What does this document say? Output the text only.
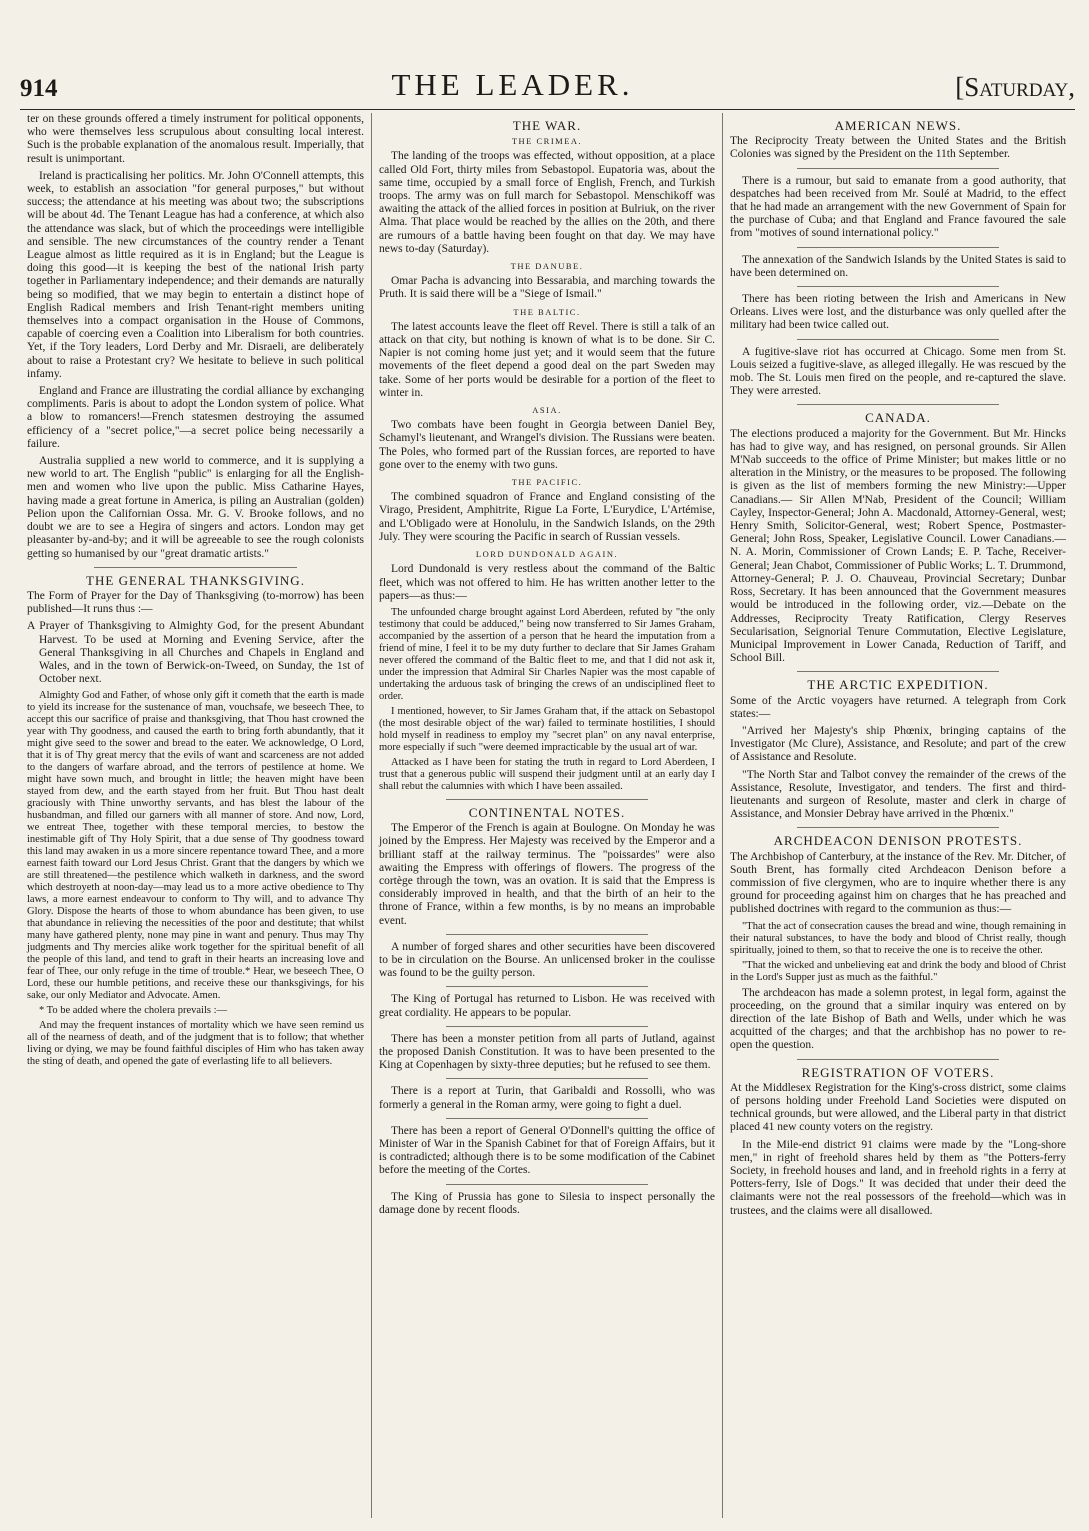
914	THE LEADER.	[Saturday,

ter on these grounds offered a timely instrument for political opponents, who were themselves less scrupulous about consulting local interest. Such is the probable explanation of the anomalous result. Imperially, that result is unimportant.

Ireland is practicalising her politics. Mr. John O'Connell attempts, this week, to establish an association "for general purposes," but without success; the attendance at his meeting was about two; the subscriptions will be about 4d. The Tenant League has had a conference, at which also the attendance was slack, but of which the proceedings were intelligible and sensible. The new circumstances of the country render a Tenant League almost as little required as it is in England; but the League is doing this good—it is keeping the best of the national Irish party together in Parliamentary independence; and their demands are naturally being so modified, that we may begin to entertain a distinct hope of English Radical members and Irish Tenant-right members uniting themselves into a compact organisation in the House of Commons, capable of coercing even a Coalition into Liberalism for both countries. Yet, if the Tory leaders, Lord Derby and Mr. Disraeli, are deliberately about to raise a Protestant cry? We hesitate to believe in such political infamy.

England and France are illustrating the cordial alliance by exchanging compliments. Paris is about to adopt the London system of police. What a blow to romancers!—French statesmen destroying the assumed efficiency of a "secret police,"—a secret police being necessarily a failure.

Australia supplied a new world to commerce, and it is supplying a new world to art. The English "public" is enlarging for all the English-men and women who live upon the public. Miss Catharine Hayes, having made a great fortune in America, is piling an Australian (golden) Pelion upon the Californian Ossa. Mr. G. V. Brooke follows, and no doubt we are to see a Hegira of singers and actors. London may get pleasanter by-and-by; and it will be agreeable to see the rough colonists getting so humanised by our "great dramatic artists."

THE GENERAL THANKSGIVING.

The Form of Prayer for the Day of Thanksgiving (to-morrow) has been published—It runs thus :—

A Prayer of Thanksgiving to Almighty God, for the present Abundant Harvest. To be used at Morning and Evening Service, after the General Thanksgiving in all Churches and Chapels in England and Wales, and in the town of Berwick-on-Tweed, on Sunday, the 1st of October next.

Almighty God and Father, of whose only gift it cometh that the earth is made to yield its increase for the sustenance of man, vouchsafe, we beseech Thee, to accept this our sacrifice of praise and thanksgiving, that Thou hast crowned the year with Thy goodness, and caused the earth to bring forth abundantly, that it might give seed to the sower and bread to the eater. We acknowledge, O Lord, that it is of Thy great mercy that the evils of want and scarceness are not added to the dangers of warfare abroad, and the terrors of pestilence at home. We might have sown much, and brought in little; the heaven might have been stayed from dew, and the earth stayed from her fruit. But Thou hast dealt graciously with Thine unworthy servants, and has blest the labour of the husbandman, and filled our garners with all manner of store. And now, Lord, we entreat Thee, together with these temporal mercies, to bestow the inestimable gift of Thy Holy Spirit, that a due sense of Thy goodness toward this land may awaken in us a more sincere repentance toward Thee, and a more earnest faith toward our Lord Jesus Christ. Grant that the dangers by which we are still threatened—the pestilence which walketh in darkness, and the sword which destroyeth at noon-day—may lead us to a more active obedience to Thy laws, a more earnest endeavour to conform to Thy will, and to advance Thy Glory. Dispose the hearts of those to whom abundance has been given, to use that abundance in relieving the necessities of the poor and destitute; that whilst many have gathered plenty, none may pine in want and penury. Thus may Thy judgments and Thy mercies alike work together for the spiritual benefit of all the people of this land, and tend to graft in their hearts an increasing love and fear of Thee, our only refuge in the time of trouble.* Hear, we beseech Thee, O Lord, these our humble petitions, and receive these our thanksgivings, for his sake, our only Mediator and Advocate. Amen.

* To be added where the cholera prevails :—

And may the frequent instances of mortality which we have seen remind us all of the nearness of death, and of the judgment that is to follow; that whether living or dying, we may be found faithful disciples of Him who has taken away the sting of death, and opened the gate of everlasting life to all believers.

THE WAR.
THE CRIMEA.

The landing of the troops was effected, without opposition, at a place called Old Fort, thirty miles from Sebastopol. Eupatoria was, about the same time, occupied by a small force of English, French, and Turkish troops. The army was on full march for Sebastopol. Menschikoff was awaiting the attack of the allied forces in position at Bulriuk, on the river Alma. That place would be reached by the allies on the 20th, and there are rumours of a battle having been fought on that day. We may have news to-day (Saturday).

THE DANUBE.

Omar Pacha is advancing into Bessarabia, and marching towards the Pruth. It is said there will be a "Siege of Ismail."

THE BALTIC.

The latest accounts leave the fleet off Revel. There is still a talk of an attack on that city, but nothing is known of what is to be done. Sir C. Napier is not coming home just yet; and it would seem that the future movements of the fleet depend a good deal on the part Sweden may take. Some of her ports would be desirable for a portion of the fleet to winter in.

ASIA.

Two combats have been fought in Georgia between Daniel Bey, Schamyl's lieutenant, and Wrangel's division. The Russians were beaten. The Poles, who formed part of the Russian forces, are reported to have gone over to the enemy with two guns.

THE PACIFIC.

The combined squadron of France and England consisting of the Virago, President, Amphitrite, Rigue La Forte, L'Eurydice, L'Artémise, and L'Obligado were at Honolulu, in the Sandwich Islands, on the 29th July. They were scouring the Pacific in search of Russian vessels.

LORD DUNDONALD AGAIN.

Lord Dundonald is very restless about the command of the Baltic fleet, which was not offered to him. He has written another letter to the papers—as thus:—

The unfounded charge brought against Lord Aberdeen, refuted by "the only testimony that could be adduced," being now transferred to Sir James Graham, accompanied by the assertion of a person that he heard the imputation from a friend of mine, I feel it to be my duty further to declare that Sir James Graham never offered the command of the Baltic fleet to me, and that I did not ask it, under the impression that Admiral Sir Charles Napier was the most capable of undertaking the arduous task of bringing the crews of an undisciplined fleet to order.

I mentioned, however, to Sir James Graham that, if the attack on Sebastopol (the most desirable object of the war) failed to terminate hostilities, I should hold myself in readiness to employ my "secret plan" on any naval enterprise, more especially if such "were deemed impracticable by the usual art of war.

Attacked as I have been for stating the truth in regard to Lord Aberdeen, I trust that a generous public will suspend their judgment until at an early day I shall rebut the calumnies with which I have been assailed.

CONTINENTAL NOTES.

The Emperor of the French is again at Boulogne. On Monday he was joined by the Empress. Her Majesty was received by the Emperor and a brilliant staff at the railway terminus. The "poissardes" were also awaiting the Empress with offerings of flowers. The progress of the cortège through the town, was an ovation. It is said that the Empress is considerably improved in health, and that the birth of an heir to the throne of France, within a few months, is by no means an improbable event.

A number of forged shares and other securities have been discovered to be in circulation on the Bourse. An unlicensed broker in the coulisse was found to be the guilty person.

The King of Portugal has returned to Lisbon. He was received with great cordiality. He appears to be popular.

There has been a monster petition from all parts of Jutland, against the proposed Danish Constitution. It was to have been presented to the King at Copenhagen by sixty-three deputies; but he refused to see them.

There is a report at Turin, that Garibaldi and Rossolli, who was formerly a general in the Roman army, were going to fight a duel.

There has been a report of General O'Donnell's quitting the office of Minister of War in the Spanish Cabinet for that of Foreign Affairs, but it is contradicted; although there is to be some modification of the Cabinet before the meeting of the Cortes.

The King of Prussia has gone to Silesia to inspect personally the damage done by recent floods.

AMERICAN NEWS.

The Reciprocity Treaty between the United States and the British Colonies was signed by the President on the 11th September.

There is a rumour, but said to emanate from a good authority, that despatches had been received from Mr. Soulé at Madrid, to the effect that he had made an arrangement with the new Government of Spain for the purchase of Cuba; and that England and France favoured the sale from "motives of sound international policy."

The annexation of the Sandwich Islands by the United States is said to have been determined on.

There has been rioting between the Irish and Americans in New Orleans. Lives were lost, and the disturbance was only quelled after the military had been twice called out.

A fugitive-slave riot has occurred at Chicago. Some men from St. Louis seized a fugitive-slave, as alleged illegally. He was rescued by the mob. The St. Louis men fired on the people, and re-captured the slave. They were arrested.

CANADA.

The elections produced a majority for the Government. But Mr. Hincks has had to give way, and has resigned, on personal grounds. Sir Allen M'Nab succeeds to the office of Prime Minister; but makes little or no alteration in the Ministry, or the measures to be proposed. The following is given as the list of members forming the new Ministry:—Upper Canadians.— Sir Allen M'Nab, President of the Council; William Cayley, Inspector-General; John A. Macdonald, Attorney-General, west; Henry Smith, Solicitor-General, west; Robert Spence, Postmaster-General; John Ross, Speaker, Legislative Council. Lower Canadians.—N. A. Morin, Commissioner of Crown Lands; E. P. Tache, Receiver-General; Jean Chabot, Commissioner of Public Works; L. T. Drummond, Attorney-General; P. J. O. Chauveau, Provincial Secretary; Dunbar Ross, Secretary. It has been announced that the Government measures would be introduced in the following order, viz.—Debate on the Addresses, Reciprocity Treaty Ratification, Clergy Reserves Secularisation, Seignorial Tenure Commutation, Elective Legislature, Municipal Improvement in Lower Canada, Reduction of Tariff, and School Bill.

THE ARCTIC EXPEDITION.

Some of the Arctic voyagers have returned. A telegraph from Cork states:—

"Arrived her Majesty's ship Phœnix, bringing captains of the Investigator (Mc Clure), Assistance, and Resolute; and part of the crew of Assistance and Resolute.

"The North Star and Talbot convey the remainder of the crews of the Assistance, Resolute, Investigator, and tenders. The first and third-lieutenants and surgeon of Resolute, master and clerk in charge of Assistance, and Monsier Debray have arrived in the Phœnix."

ARCHDEACON DENISON PROTESTS.

The Archbishop of Canterbury, at the instance of the Rev. Mr. Ditcher, of South Brent, has formally cited Archdeacon Denison before a commission of five clergymen, who are to inquire whether there is any ground for proceeding against him on charges that he has preached and published doctrines with regard to the communion as thus:—

"That the act of consecration causes the bread and wine, though remaining in their natural substances, to have the body and blood of Christ really, though spiritually, joined to them, so that to receive the one is to receive the other.

"That the wicked and unbelieving eat and drink the body and blood of Christ in the Lord's Supper just as much as the faithful."

The archdeacon has made a solemn protest, in legal form, against the proceeding, on the ground that a similar inquiry was entered on by direction of the late Bishop of Bath and Wells, under which he was acquitted of the charges; and that the archbishop has no power to re-open the question.

REGISTRATION OF VOTERS.

At the Middlesex Registration for the King's-cross district, some claims of persons holding under Freehold Land Societies were disputed on technical grounds, but were allowed, and the Liberal party in that district placed 41 new county voters on the registry.

In the Mile-end district 91 claims were made by the "Long-shore men," in right of freehold shares held by them as "the Potters-ferry Society, in freehold houses and land, and in freehold rights in a ferry at Potters-ferry, Isle of Dogs." It was decided that under their deed the claimants were not the real possessors of the freehold—which was in trustees, and the claims were all disallowed.
